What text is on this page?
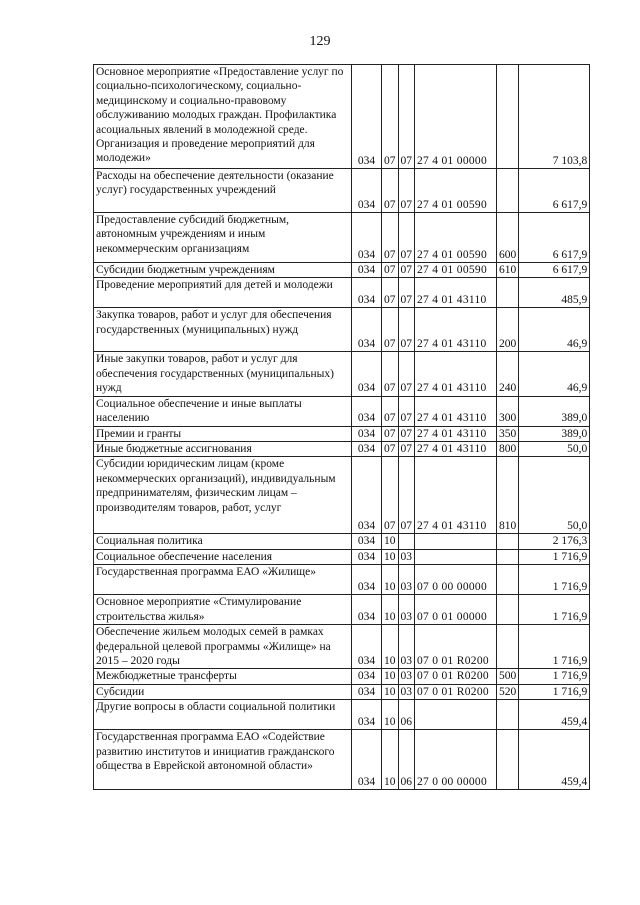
129
Основное мероприятие «Предоставление услуг по социально-психологическому, социально-медицинскому и социально-правовому обслуживанию молодых граждан. Профилактика асоциальных явлений в молодежной среде. Организация и проведение мероприятий для молодежи»	034	07	07	27 4 01 00000		7 103,8
Расходы на обеспечение деятельности (оказание услуг) государственных учреждений	034	07	07	27 4 01 00590		6 617,9
Предоставление субсидий бюджетным, автономным учреждениям и иным некоммерческим организациям	034	07	07	27 4 01 00590	600	6 617,9
Субсидии бюджетным учреждениям	034	07	07	27 4 01 00590	610	6 617,9
Проведение мероприятий для детей и молодежи	034	07	07	27 4 01 43110		485,9
Закупка товаров, работ и услуг для обеспечения государственных (муниципальных) нужд	034	07	07	27 4 01 43110	200	46,9
Иные закупки товаров, работ и услуг для обеспечения государственных (муниципальных) нужд	034	07	07	27 4 01 43110	240	46,9
Социальное обеспечение и иные выплаты населению	034	07	07	27 4 01 43110	300	389,0
Премии и гранты	034	07	07	27 4 01 43110	350	389,0
Иные бюджетные ассигнования	034	07	07	27 4 01 43110	800	50,0
Субсидии юридическим лицам (кроме некоммерческих организаций), индивидуальным предпринимателям, физическим лицам – производителям товаров, работ, услуг	034	07	07	27 4 01 43110	810	50,0
Социальная политика	034	10				2 176,3
Социальное обеспечение населения	034	10	03			1 716,9
Государственная программа ЕАО «Жилище»	034	10	03	07 0 00 00000		1 716,9
Основное мероприятие «Стимулирование строительства жилья»	034	10	03	07 0 01 00000		1 716,9
Обеспечение жильем молодых семей в рамках федеральной целевой программы «Жилище» на 2015 – 2020 годы	034	10	03	07 0 01 R0200		1 716,9
Межбюджетные трансферты	034	10	03	07 0 01 R0200	500	1 716,9
Субсидии	034	10	03	07 0 01 R0200	520	1 716,9
Другие вопросы в области социальной политики	034	10	06			459,4
Государственная программа ЕАО «Содействие развитию институтов и инициатив гражданского общества в Еврейской автономной области»	034	10	06	27 0 00 00000		459,4
